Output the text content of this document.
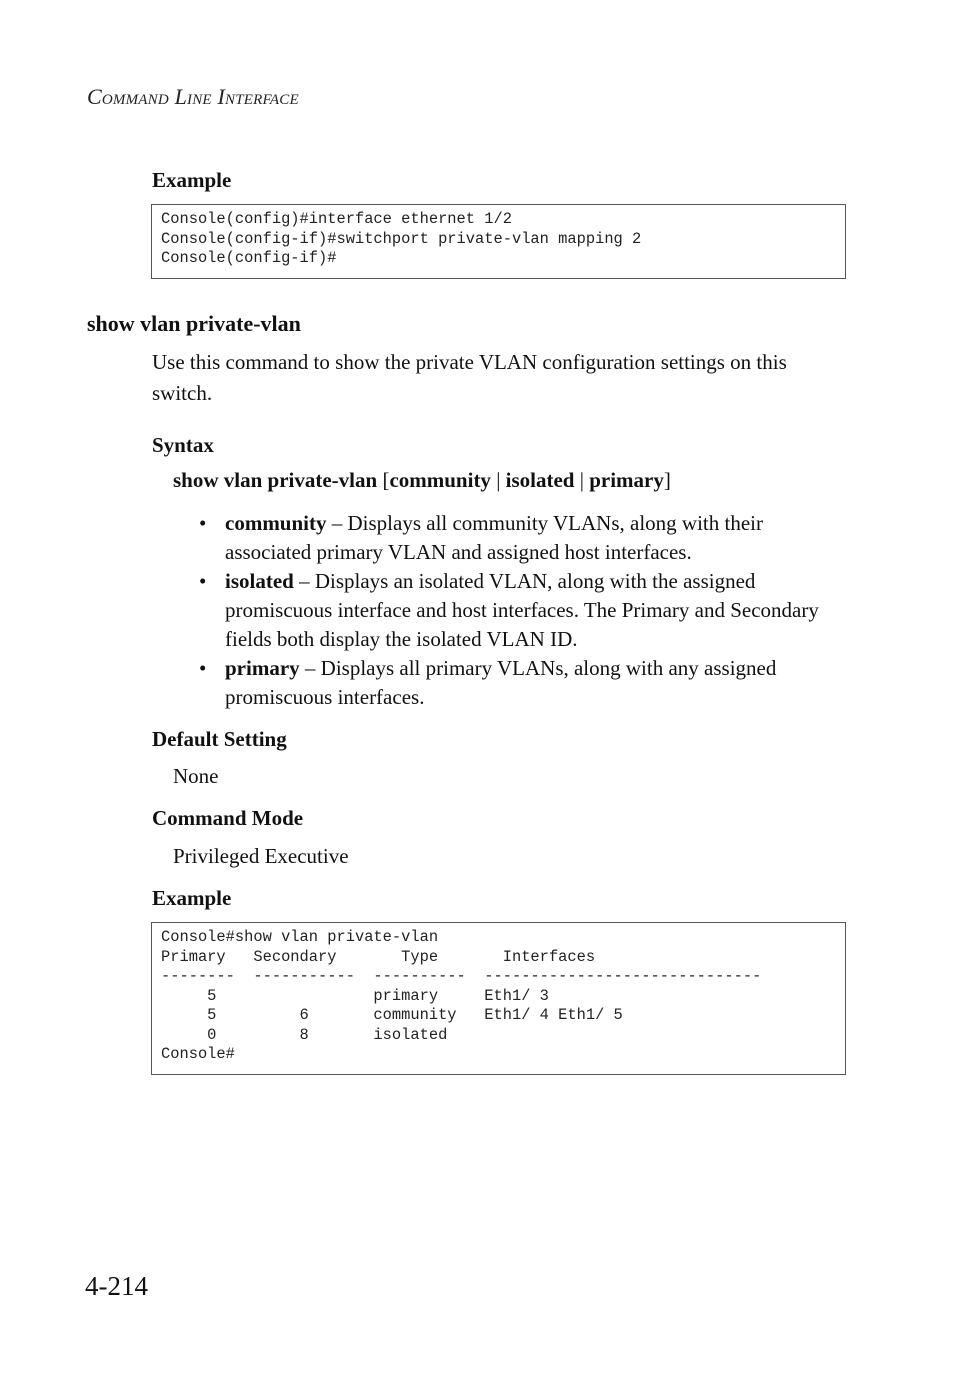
Command Line Interface
Example
Console(config)#interface ethernet 1/2
Console(config-if)#switchport private-vlan mapping 2
Console(config-if)#
show vlan private-vlan
Use this command to show the private VLAN configuration settings on this switch.
Syntax
show vlan private-vlan [community | isolated | primary]
• community – Displays all community VLANs, along with their associated primary VLAN and assigned host interfaces.
• isolated – Displays an isolated VLAN, along with the assigned promiscuous interface and host interfaces. The Primary and Secondary fields both display the isolated VLAN ID.
• primary – Displays all primary VLANs, along with any assigned promiscuous interfaces.
Default Setting
None
Command Mode
Privileged Executive
Example
Console#show vlan private-vlan
Primary   Secondary       Type       Interfaces
--------  -----------  ----------  ------------------------------
5                 primary     Eth1/ 3
5         6       community   Eth1/ 4 Eth1/ 5
0         8       isolated
Console#
4-214
